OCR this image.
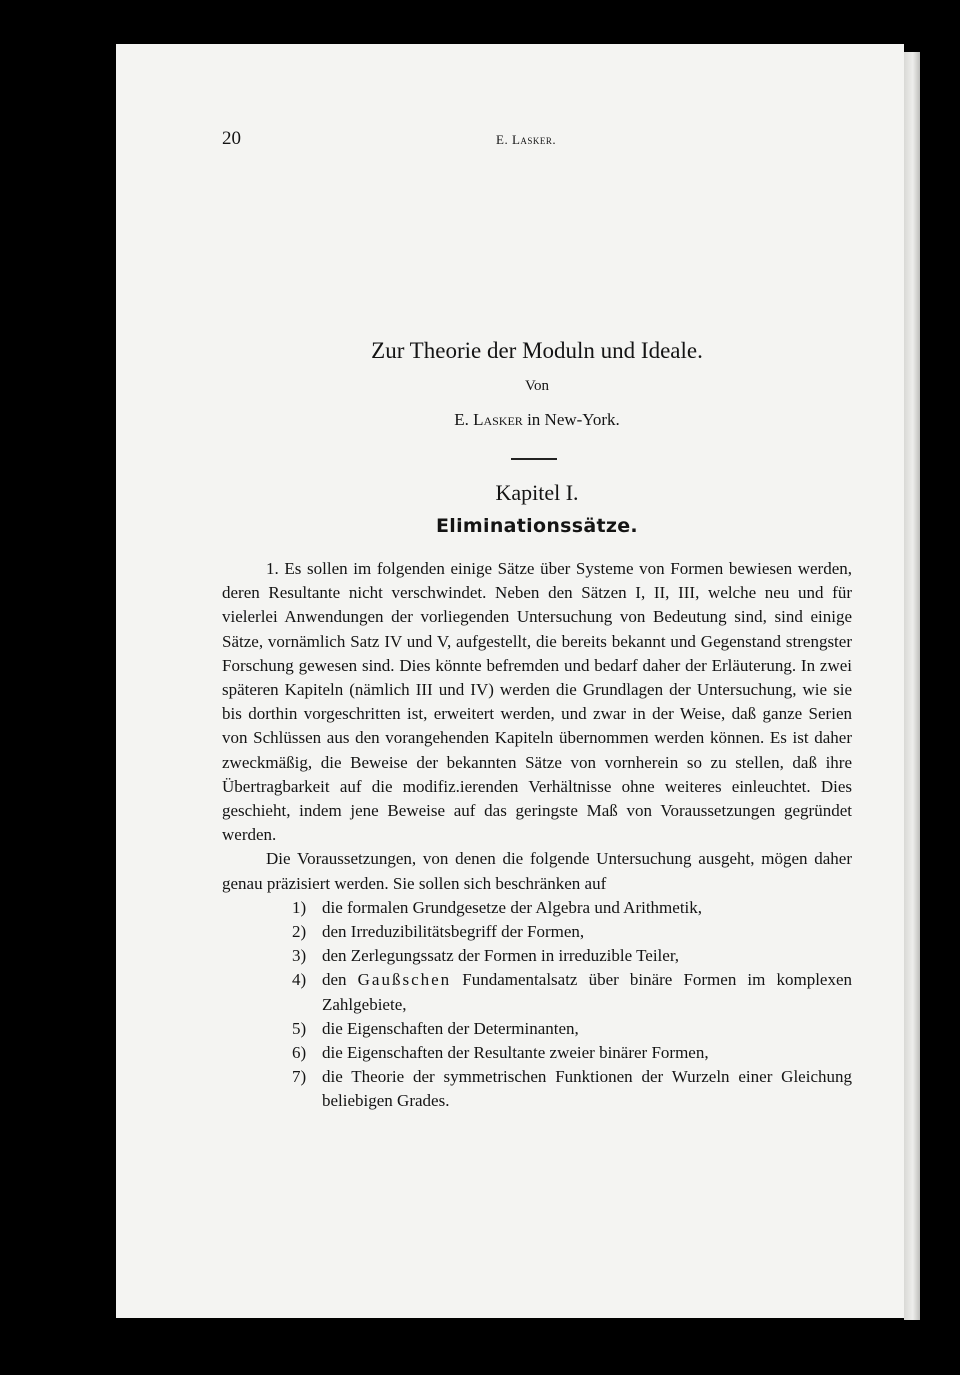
20	E. Lasker.
Zur Theorie der Moduln und Ideale.
Von
E. Lasker in New-York.
Kapitel I.
Eliminationssätze.

1. Es sollen im folgenden einige Sätze über Systeme von Formen bewiesen werden, deren Resultante nicht verschwindet. Neben den Sätzen I, II, III, welche neu und für vielerlei Anwendungen der vorliegenden Untersuchung von Bedeutung sind, sind einige Sätze, vornämlich Satz IV und V, aufgestellt, die bereits bekannt und Gegenstand strengster Forschung gewesen sind. Dies könnte befremden und bedarf daher der Erläuterung. In zwei späteren Kapiteln (nämlich III und IV) werden die Grundlagen der Untersuchung, wie sie bis dorthin vorgeschritten ist, erweitert werden, und zwar in der Weise, daß ganze Serien von Schlüssen aus den vorangehenden Kapiteln übernommen werden können. Es ist daher zweckmäßig, die Beweise der bekannten Sätze von vornherein so zu stellen, daß ihre Übertragbarkeit auf die modifiz.ierenden Verhältnisse ohne weiteres einleuchtet. Dies geschieht, indem jene Beweise auf das geringste Maß von Voraussetzungen gegründet werden.

Die Voraussetzungen, von denen die folgende Untersuchung ausgeht, mögen daher genau präzisiert werden. Sie sollen sich beschränken auf

1) die formalen Grundgesetze der Algebra und Arithmetik,
2) den Irreduzibilitätsbegriff der Formen,
3) den Zerlegungssatz der Formen in irreduzible Teiler,
4) den Gaußschen Fundamentalsatz über binäre Formen im komplexen Zahlgebiete,
5) die Eigenschaften der Determinanten,
6) die Eigenschaften der Resultante zweier binärer Formen,
7) die Theorie der symmetrischen Funktionen der Wurzeln einer Gleichung beliebigen Grades.
